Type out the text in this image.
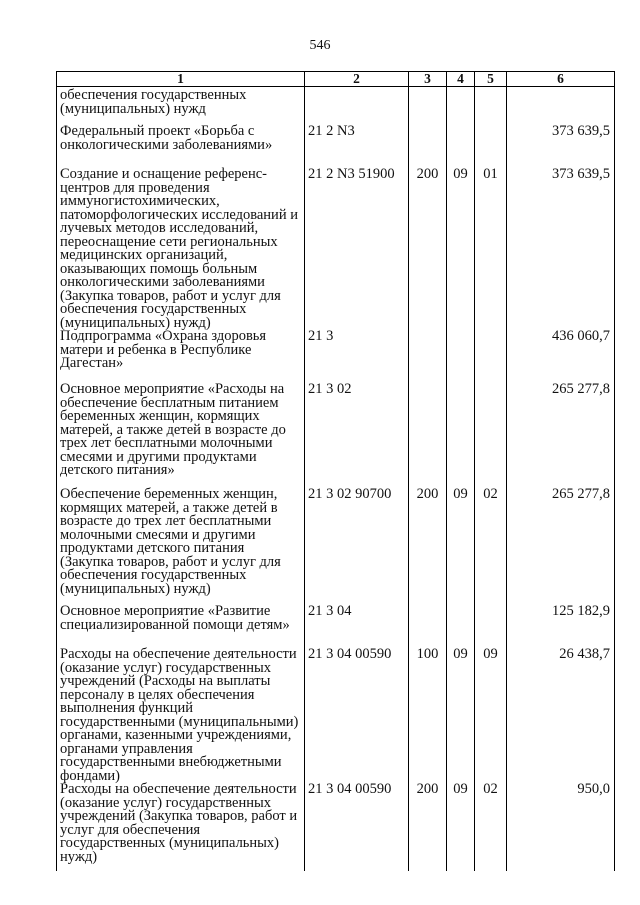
546
1	2	3	4	5	6
обеспечения государственных (муниципальных) нужд					
Федеральный проект «Борьба с онкологическими заболеваниями»	21 2 N3				373 639,5
Создание и оснащение референс-центров для проведения иммуногистохимических, патоморфологических исследований и лучевых методов исследований, переоснащение сети региональных медицинских организаций, оказывающих помощь больным онкологическими заболеваниями (Закупка товаров, работ и услуг для обеспечения государственных (муниципальных) нужд)	21 2 N3 51900	200	09	01	373 639,5
Подпрограмма «Охрана здоровья матери и ребенка в Республике Дагестан»	21 3				436 060,7
Основное мероприятие «Расходы на обеспечение бесплатным питанием беременных женщин, кормящих матерей, а также детей в возрасте до трех лет бесплатными молочными смесями и другими продуктами детского питания»	21 3 02				265 277,8
Обеспечение беременных женщин, кормящих матерей, а также детей в возрасте до трех лет бесплатными молочными смесями и другими продуктами детского питания (Закупка товаров, работ и услуг для обеспечения государственных (муниципальных) нужд)	21 3 02 90700	200	09	02	265 277,8
Основное мероприятие «Развитие специализированной помощи детям»	21 3 04				125 182,9
Расходы на обеспечение деятельности (оказание услуг) государственных учреждений (Расходы на выплаты персоналу в целях обеспечения выполнения функций государственными (муниципальными) органами, казенными учреждениями, органами управления государственными внебюджетными фондами)	21 3 04 00590	100	09	09	26 438,7
Расходы на обеспечение деятельности (оказание услуг) государственных учреждений (Закупка товаров, работ и услуг для обеспечения государственных (муниципальных) нужд)	21 3 04 00590	200	09	02	950,0
